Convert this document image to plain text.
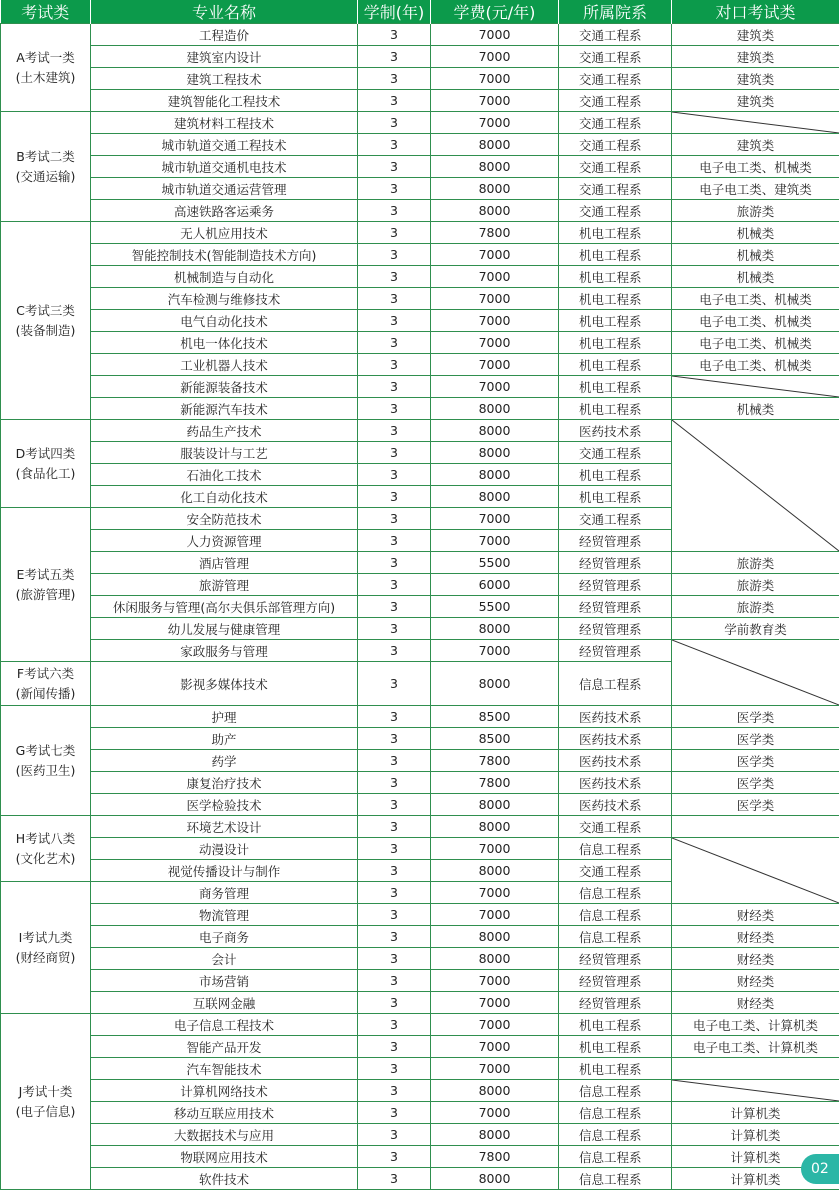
考试类	专业名称	学制(年)	学费(元/年)	所属院系	对口考试类

A考试一类
(土木建筑)	工程造价	3	7000	交通工程系	建筑类
	建筑室内设计	3	7000	交通工程系	建筑类
	建筑工程技术	3	7000	交通工程系	建筑类
	建筑智能化工程技术	3	7000	交通工程系	建筑类

B考试二类
(交通运输)	建筑材料工程技术	3	7000	交通工程系	

	城市轨道交通工程技术	3	8000	交通工程系	建筑类
	城市轨道交通机电技术	3	8000	交通工程系	电子电工类、机械类
	城市轨道交通运营管理	3	8000	交通工程系	电子电工类、建筑类
	高速铁路客运乘务	3	8000	交通工程系	旅游类

C考试三类
(装备制造)	无人机应用技术	3	7800	机电工程系	机械类
	智能控制技术(智能制造技术方向)	3	7000	机电工程系	机械类
	机械制造与自动化	3	7000	机电工程系	机械类
	汽车检测与维修技术	3	7000	机电工程系	电子电工类、机械类
	电气自动化技术	3	7000	机电工程系	电子电工类、机械类
	机电一体化技术	3	7000	机电工程系	电子电工类、机械类
	工业机器人技术	3	7000	机电工程系	电子电工类、机械类
	新能源装备技术	3	7000	机电工程系	

	新能源汽车技术	3	8000	机电工程系	机械类

D考试四类
(食品化工)	药品生产技术	3	8000	医药技术系	

	服装设计与工艺	3	8000	交通工程系	
	石油化工技术	3	8000	机电工程系	
	化工自动化技术	3	8000	机电工程系	

E考试五类
(旅游管理)	安全防范技术	3	7000	交通工程系	
	人力资源管理	3	7000	经贸管理系	
	酒店管理	3	5500	经贸管理系	旅游类
	旅游管理	3	6000	经贸管理系	旅游类
	休闲服务与管理(高尔夫俱乐部管理方向)	3	5500	经贸管理系	旅游类
	幼儿发展与健康管理	3	8000	经贸管理系	学前教育类
	家政服务与管理	3	7000	经贸管理系	

F考试六类
(新闻传播)	影视多媒体技术	3	8000	信息工程系	

G考试七类
(医药卫生)	护理	3	8500	医药技术系	医学类
	助产	3	8500	医药技术系	医学类
	药学	3	7800	医药技术系	医学类
	康复治疗技术	3	7800	医药技术系	医学类
	医学检验技术	3	8000	医药技术系	医学类

H考试八类
(文化艺术)	环境艺术设计	3	8000	交通工程系	
	动漫设计	3	7000	信息工程系	

	视觉传播设计与制作	3	8000	交通工程系	

I考试九类
(财经商贸)	商务管理	3	7000	信息工程系	
	物流管理	3	7000	信息工程系	财经类
	电子商务	3	8000	信息工程系	财经类
	会计	3	8000	经贸管理系	财经类
	市场营销	3	7000	经贸管理系	财经类
	互联网金融	3	7000	经贸管理系	财经类

J考试十类
(电子信息)	电子信息工程技术	3	7000	机电工程系	电子电工类、计算机类
	智能产品开发	3	7000	机电工程系	电子电工类、计算机类
	汽车智能技术	3	7000	机电工程系	
	计算机网络技术	3	8000	信息工程系	

	移动互联应用技术	3	7000	信息工程系	计算机类
	大数据技术与应用	3	8000	信息工程系	计算机类
	物联网应用技术	3	7800	信息工程系	计算机类
	软件技术	3	8000	信息工程系	计算机类
02
